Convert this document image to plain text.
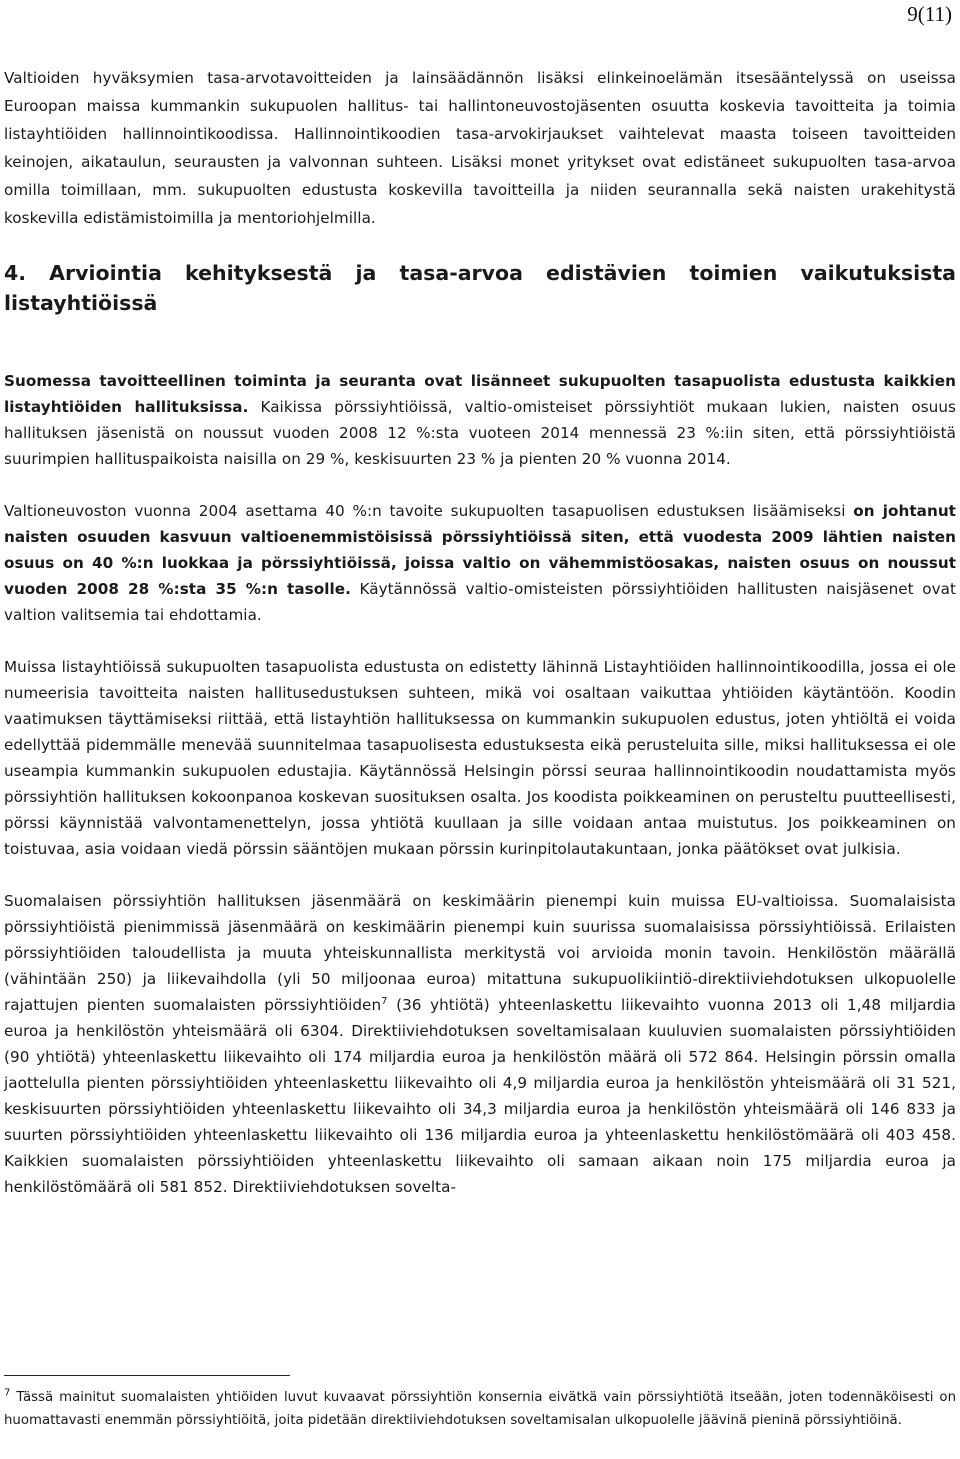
9(11)

Valtioiden hyväksymien tasa-arvotavoitteiden ja lainsäädännön lisäksi elinkeinoelämän itsesääntelyssä on useissa Euroopan maissa kummankin sukupuolen hallitus- tai hallintoneuvostojäsenten osuutta koskevia tavoitteita ja toimia listayhtiöiden hallinnointikoodissa. Hallinnointikoodien tasa-arvokirjaukset vaihtelevat maasta toiseen tavoitteiden keinojen, aikataulun, seurausten ja valvonnan suhteen. Lisäksi monet yritykset ovat edistäneet sukupuolten tasa-arvoa omilla toimillaan, mm. sukupuolten edustusta koskevilla tavoitteilla ja niiden seurannalla sekä naisten urakehitystä koskevilla edistämistoimilla ja mentoriohjelmilla.

4. Arviointia kehityksestä ja tasa-arvoa edistävien toimien vaikutuksista listayhtiöissä

Suomessa tavoitteellinen toiminta ja seuranta ovat lisänneet sukupuolten tasapuolista edustusta kaikkien listayhtiöiden hallituksissa. Kaikissa pörssiyhtiöissä, valtio-omisteiset pörssiyhtiöt mukaan lukien, naisten osuus hallituksen jäsenistä on noussut vuoden 2008 12 %:sta vuoteen 2014 mennessä 23 %:iin siten, että pörssiyhtiöistä suurimpien hallituspaikoista naisilla on 29 %, keskisuurten 23 % ja pienten 20 % vuonna 2014.

Valtioneuvoston vuonna 2004 asettama 40 %:n tavoite sukupuolten tasapuolisen edustuksen lisäämiseksi on johtanut naisten osuuden kasvuun valtioenemmistöisissä pörssiyhtiöissä siten, että vuodesta 2009 lähtien naisten osuus on 40 %:n luokkaa ja pörssiyhtiöissä, joissa valtio on vähemmistöosakas, naisten osuus on noussut vuoden 2008 28 %:sta 35 %:n tasolle. Käytännössä valtio-omisteisten pörssiyhtiöiden hallitusten naisjäsenet ovat valtion valitsemia tai ehdottamia.

Muissa listayhtiöissä sukupuolten tasapuolista edustusta on edistetty lähinnä Listayhtiöiden hallinnointikoodilla, jossa ei ole numeerisia tavoitteita naisten hallitusedustuksen suhteen, mikä voi osaltaan vaikuttaa yhtiöiden käytäntöön. Koodin vaatimuksen täyttämiseksi riittää, että listayhtiön hallituksessa on kummankin sukupuolen edustus, joten yhtiöltä ei voida edellyttää pidemmälle menevää suunnitelmaa tasapuolisesta edustuksesta eikä perusteluita sille, miksi hallituksessa ei ole useampia kummankin sukupuolen edustajia. Käytännössä Helsingin pörssi seuraa hallinnointikoodin noudattamista myös pörssiyhtiön hallituksen kokoonpanoa koskevan suosituksen osalta. Jos koodista poikkeaminen on perusteltu puutteellisesti, pörssi käynnistää valvontamenettelyn, jossa yhtiötä kuullaan ja sille voidaan antaa muistutus. Jos poikkeaminen on toistuvaa, asia voidaan viedä pörssin sääntöjen mukaan pörssin kurinpitolautakuntaan, jonka päätökset ovat julkisia.

Suomalaisen pörssiyhtiön hallituksen jäsenmäärä on keskimäärin pienempi kuin muissa EU-valtioissa. Suomalaisista pörssiyhtiöistä pienimmissä jäsenmäärä on keskimäärin pienempi kuin suurissa suomalaisissa pörssiyhtiöissä. Erilaisten pörssiyhtiöiden taloudellista ja muuta yhteiskunnallista merkitystä voi arvioida monin tavoin. Henkilöstön määrällä (vähintään 250) ja liikevaihdolla (yli 50 miljoonaa euroa) mitattuna sukupuolikiintiö-direktiiviehdotuksen ulkopuolelle rajattujen pienten suomalaisten pörssiyhtiöiden$^7$ (36 yhtiötä) yhteenlaskettu liikevaihto vuonna 2013 oli 1,48 miljardia euroa ja henkilöstön yhteismäärä oli 6304. Direktiiviehdotuksen soveltamisalaan kuuluvien suomalaisten pörssiyhtiöiden (90 yhtiötä) yhteenlaskettu liikevaihto oli 174 miljardia euroa ja henkilöstön määrä oli 572 864. Helsingin pörssin omalla jaottelulla pienten pörssiyhtiöiden yhteenlaskettu liikevaihto oli 4,9 miljardia euroa ja henkilöstön yhteismäärä oli 31 521, keskisuurten pörssiyhtiöiden yhteenlaskettu liikevaihto oli 34,3 miljardia euroa ja henkilöstön yhteismäärä oli 146 833 ja suurten pörssiyhtiöiden yhteenlaskettu liikevaihto oli 136 miljardia euroa ja yhteenlaskettu henkilöstömäärä oli 403 458. Kaikkien suomalaisten pörssiyhtiöiden yhteenlaskettu liikevaihto oli samaan aikaan noin 175 miljardia euroa ja henkilöstömäärä oli 581 852. Direktiiviehdotuksen sovelta-

$^7$ Tässä mainitut suomalaisten yhtiöiden luvut kuvaavat pörssiyhtiön konsernia eivätkä vain pörssiyhtiötä itseään, joten todennäköisesti on huomattavasti enemmän pörssiyhtiöitä, joita pidetään direktiiviehdotuksen soveltamisalan ulkopuolelle jäävinä pieninä pörssiyhtiöinä.
